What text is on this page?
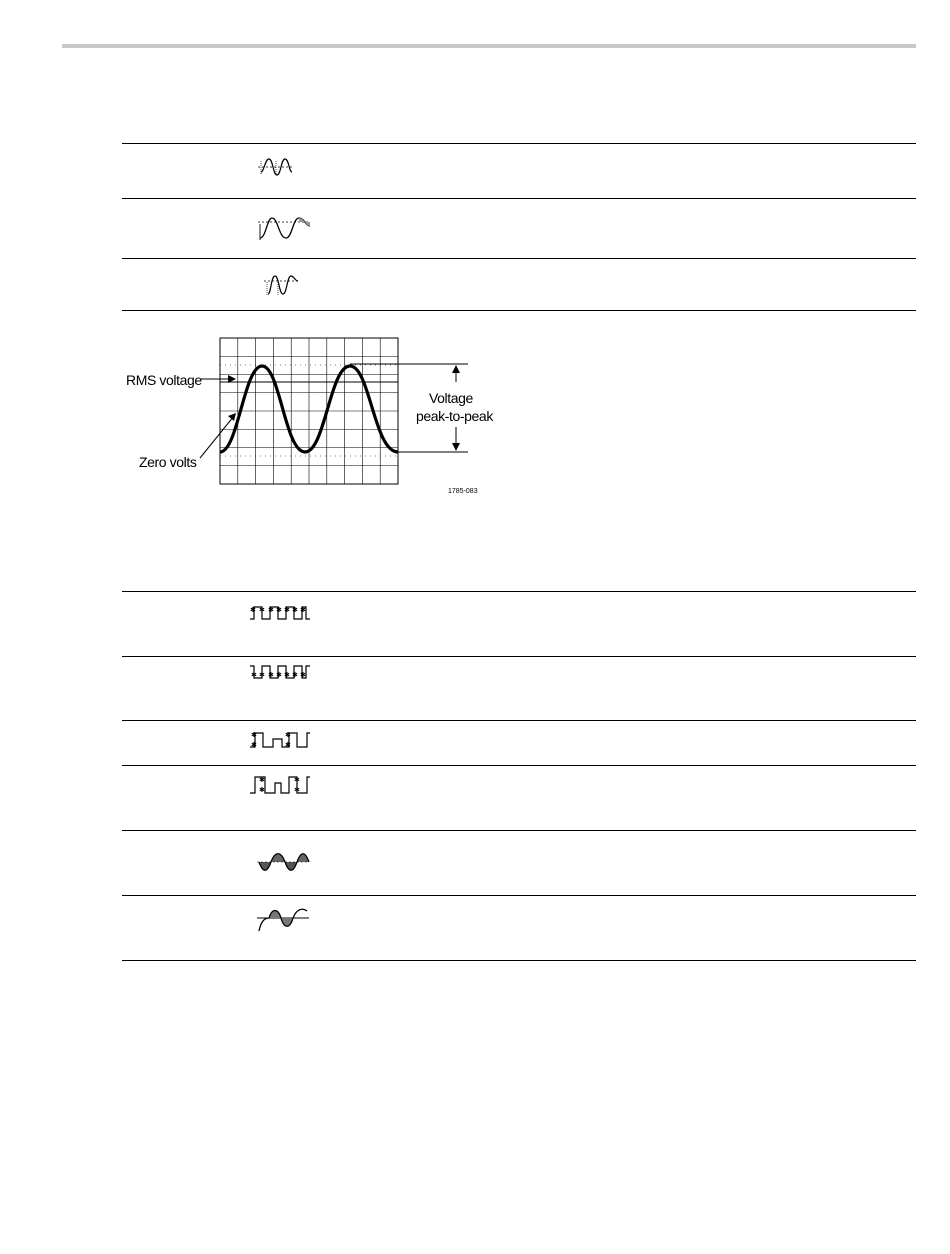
RMS voltage
Zero volts
Voltage
peak-to-peak
1785-083
✱ ✱ ✱ ✱ ✱ ✱ ✱
✱ ✱ ✱ ✱ ✱ ✱ ✱
✱
✱
✱
✱
✱
✱
✱
✱
